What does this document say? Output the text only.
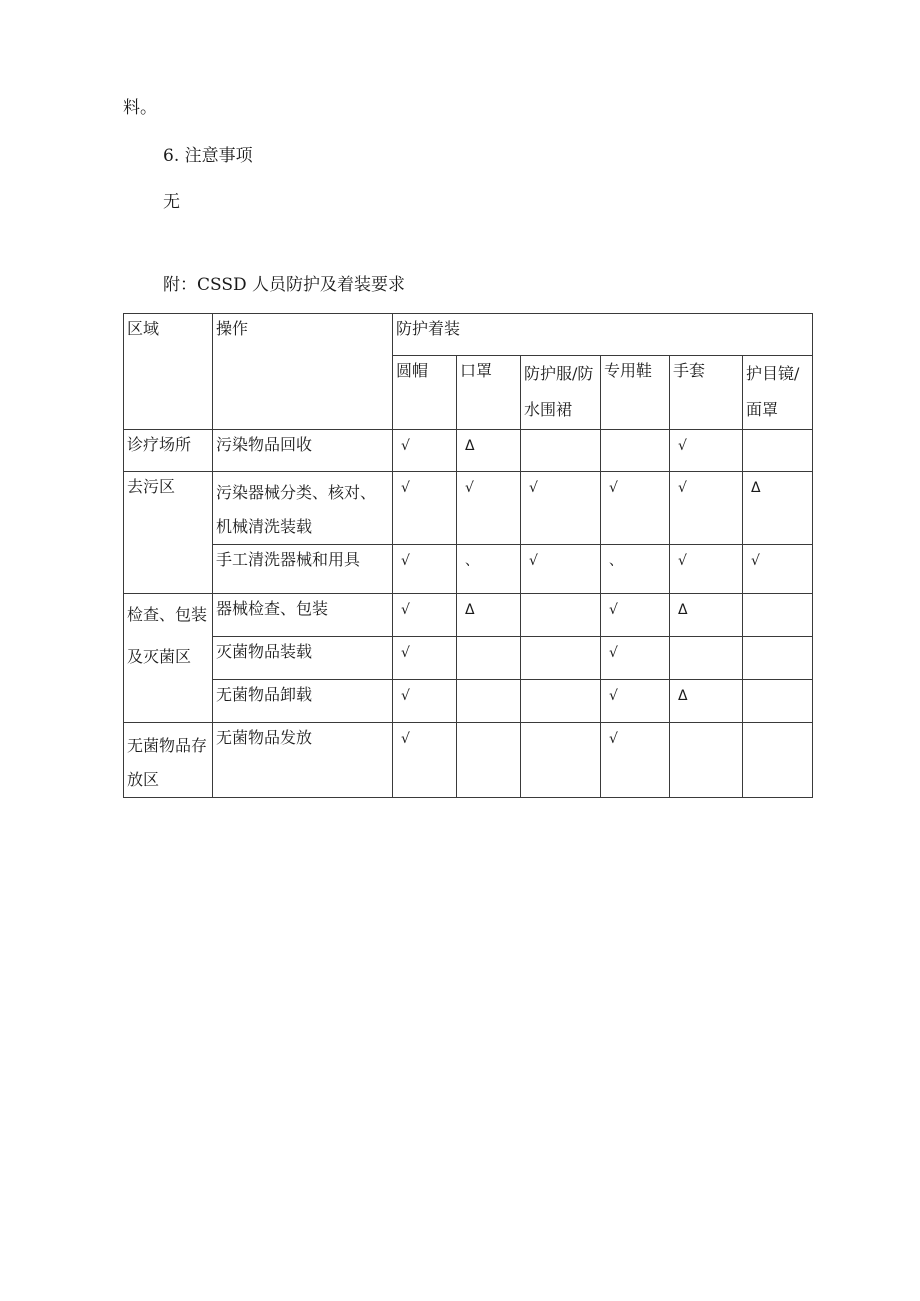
料。
6. 注意事项
无
附：CSSD 人员防护及着装要求
区域	操作	防护着装					

		圆帽	口罩	防护服/防水围裙	专用鞋	手套	护目镜/面罩

诊疗场所	污染物品回收	√	Δ			√	

去污区	污染器械分类、核对、机械清洗装载	√	√	√	√	√	Δ

	手工清洗器械和用具	√	、	√	、	√	√

检查、包装及灭菌区	器械检查、包装	√	Δ		√	Δ	

	灭菌物品装载	√			√		

	无菌物品卸载	√			√	Δ	

无菌物品存放区	无菌物品发放	√			√		
